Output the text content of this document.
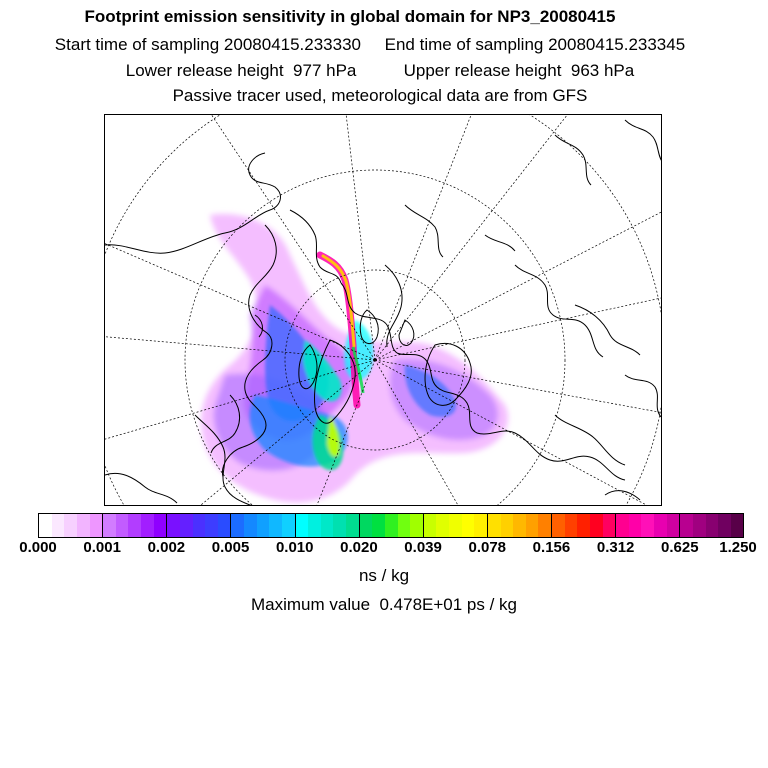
Footprint emission sensitivity in global domain for NP3_20080415
Start time of sampling 20080415.233330     End time of sampling 20080415.233345
Lower release height  977 hPa          Upper release height  963 hPa
Passive tracer used, meteorological data are from GFS
0.000 0.001 0.002 0.005 0.010 0.020 0.039 0.078 0.156 0.312 0.625 1.250
ns / kg
Maximum value  0.478E+01 ps / kg
